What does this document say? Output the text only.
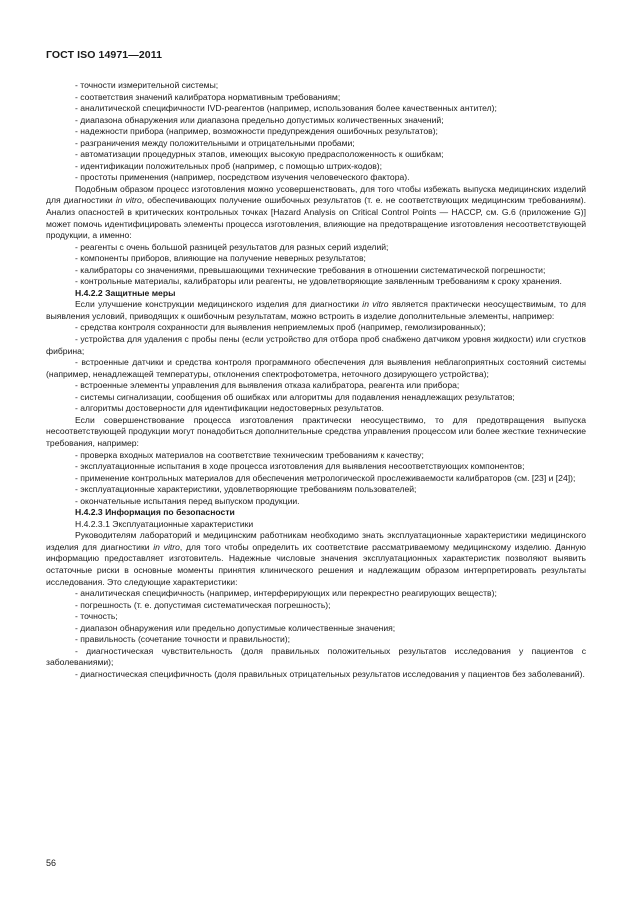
ГОСТ ISO 14971—2011

- точности измерительной системы;

- соответствия значений калибратора нормативным требованиям;

- аналитической специфичности IVD-реагентов (например, использования более качественных антител);

- диапазона обнаружения или диапазона предельно допустимых количественных значений;

- надежности прибора (например, возможности предупреждения ошибочных результатов);

- разграничения между положительными и отрицательными пробами;

- автоматизации процедурных этапов, имеющих высокую предрасположенность к ошибкам;

- идентификации положительных проб (например, с помощью штрих-кодов);

- простоты применения (например, посредством изучения человеческого фактора).

Подобным образом процесс изготовления можно усовершенствовать, для того чтобы избежать выпуска медицинских изделий для диагностики in vitro, обеспечивающих получение ошибочных результатов (т. е. не соответствующих медицинским требованиям). Анализ опасностей в критических контрольных точках [Hazard Analysis on Critical Control Points — HACCP, см. G.6 (приложение G)] может помочь идентифицировать элементы процесса изготовления, влияющие на предотвращение изготовления несоответствующей продукции, а именно:

- реагенты с очень большой разницей результатов для разных серий изделий;

- компоненты приборов, влияющие на получение неверных результатов;

- калибраторы со значениями, превышающими технические требования в отношении систематической погрешности;

- контрольные материалы, калибраторы или реагенты, не удовлетворяющие заявленным требованиям к сроку хранения.

H.4.2.2 Защитные меры

Если улучшение конструкции медицинского изделия для диагностики in vitro является практически неосуществимым, то для выявления условий, приводящих к ошибочным результатам, можно встроить в изделие дополнительные элементы, например:

- средства контроля сохранности для выявления неприемлемых проб (например, гемолизированных);

- устройства для удаления с пробы пены (если устройство для отбора проб снабжено датчиком уровня жидкости) или сгустков фибрина;

- встроенные датчики и средства контроля программного обеспечения для выявления неблагоприятных состояний системы (например, ненадлежащей температуры, отклонения спектрофотометра, неточного дозирующего устройства);

- встроенные элементы управления для выявления отказа калибратора, реагента или прибора;

- системы сигнализации, сообщения об ошибках или алгоритмы для подавления ненадлежащих результатов;

- алгоритмы достоверности для идентификации недостоверных результатов.

Если совершенствование процесса изготовления практически неосуществимо, то для предотвращения выпуска несоответствующей продукции могут понадобиться дополнительные средства управления процессом или более жесткие технические требования, например:

- проверка входных материалов на соответствие техническим требованиям к качеству;

- эксплуатационные испытания в ходе процесса изготовления для выявления несоответствующих компонентов;

- применение контрольных материалов для обеспечения метрологической прослеживаемости калибраторов (см. [23] и [24]);

- эксплуатационные характеристики, удовлетворяющие требованиям пользователей;

- окончательные испытания перед выпуском продукции.

H.4.2.3 Информация по безопасности

H.4.2.3.1 Эксплуатационные характеристики

Руководителям лабораторий и медицинским работникам необходимо знать эксплуатационные характеристики медицинского изделия для диагностики in vitro, для того чтобы определить их соответствие рассматриваемому медицинскому изделию. Данную информацию предоставляет изготовитель. Надежные числовые значения эксплуатационных характеристик позволяют выявить остаточные риски в основные моменты принятия клинического решения и надлежащим образом интерпретировать результаты исследования. Это следующие характеристики:

- аналитическая специфичность (например, интерферирующих или перекрестно реагирующих веществ);

- погрешность (т. е. допустимая систематическая погрешность);

- точность;

- диапазон обнаружения или предельно допустимые количественные значения;

- правильность (сочетание точности и правильности);

- диагностическая чувствительность (доля правильных положительных результатов исследования у пациентов с заболеваниями);

- диагностическая специфичность (доля правильных отрицательных результатов исследования у пациентов без заболеваний).

56
